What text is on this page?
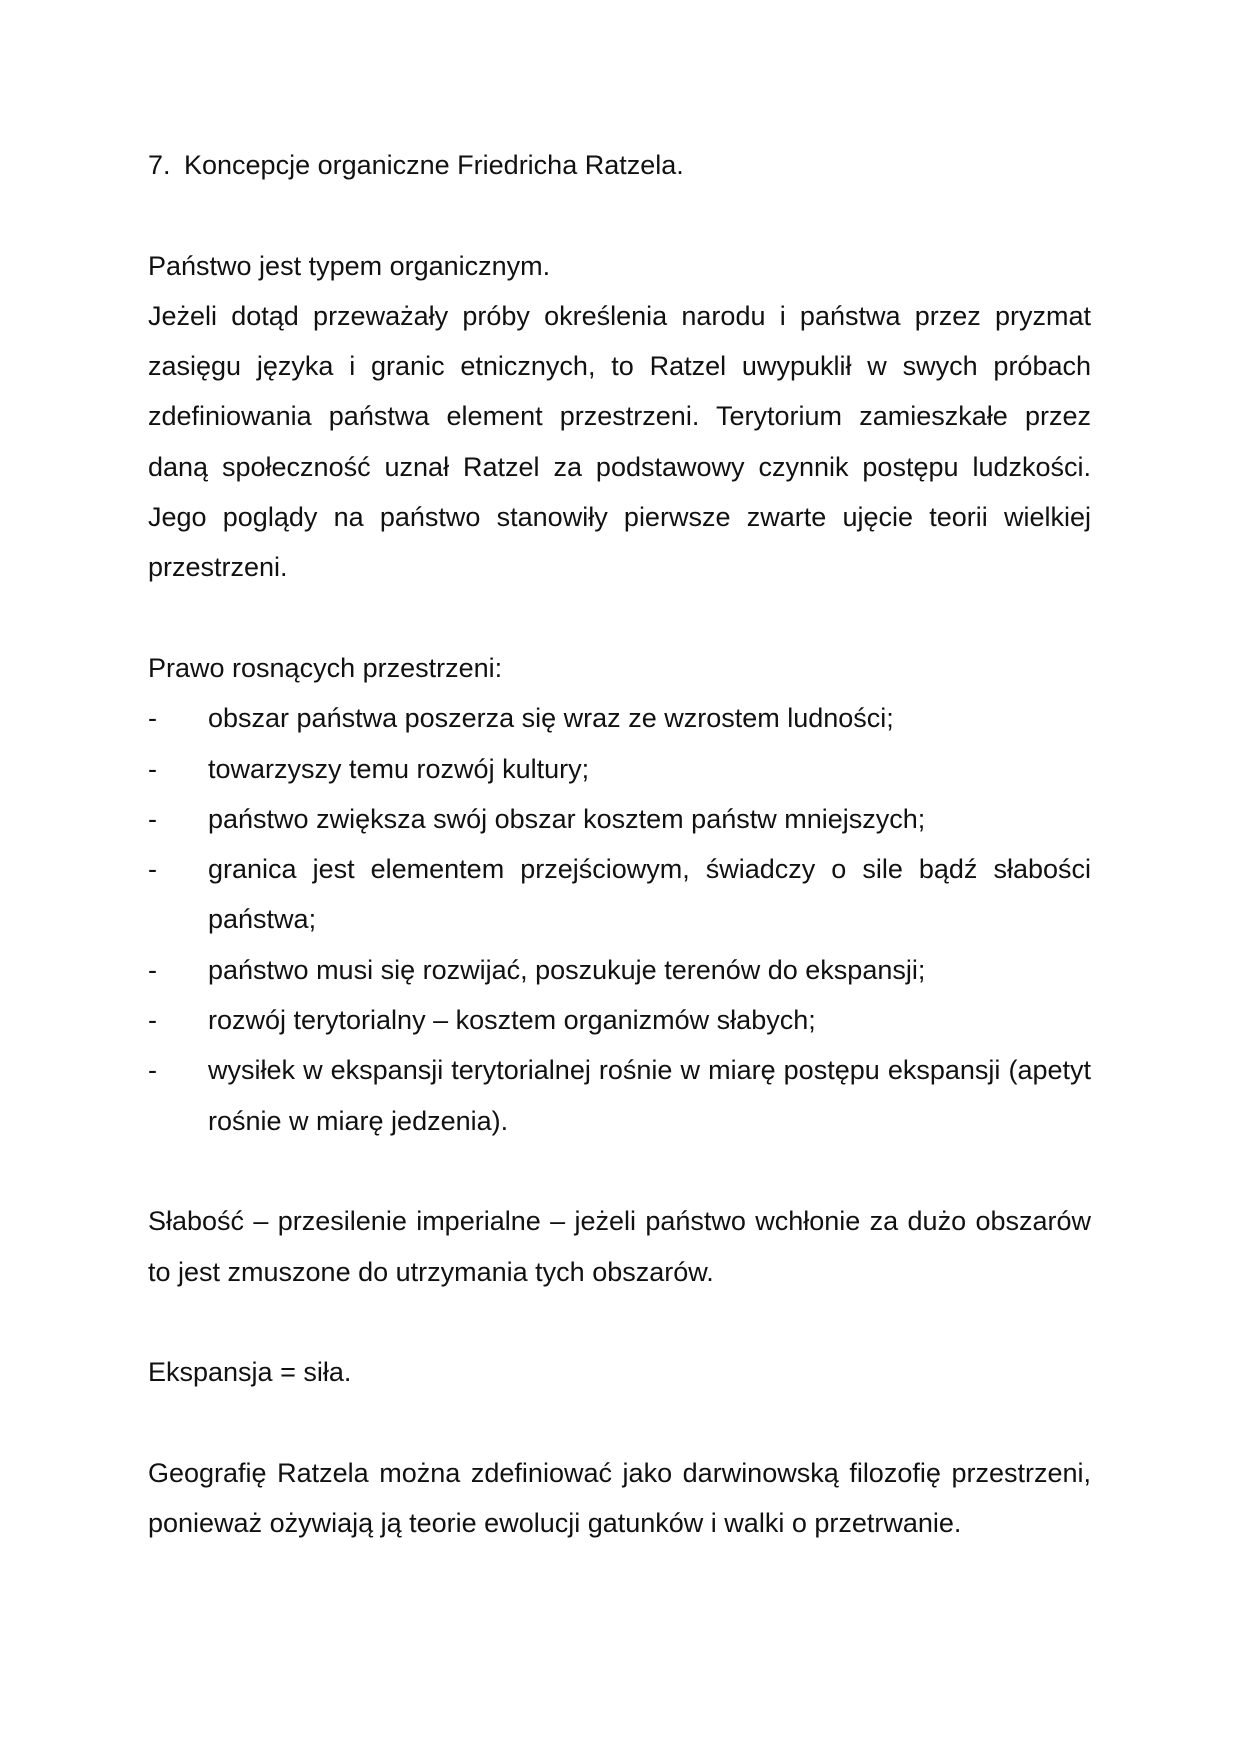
7. Koncepcje organiczne Friedricha Ratzela.
Państwo jest typem organicznym.

Jeżeli dotąd przeważały próby określenia narodu i państwa przez pryzmat zasięgu języka i granic etnicznych, to Ratzel uwypuklił w swych próbach zdefiniowania państwa element przestrzeni. Terytorium zamieszkałe przez daną społeczność uznał Ratzel za podstawowy czynnik postępu ludzkości. Jego poglądy na państwo stanowiły pierwsze zwarte ujęcie teorii wielkiej przestrzeni.

Prawo rosnących przestrzeni:
- obszar państwa poszerza się wraz ze wzrostem ludności;
- towarzyszy temu rozwój kultury;
- państwo zwiększa swój obszar kosztem państw mniejszych;
- granica jest elementem przejściowym, świadczy o sile bądź słabości państwa;
- państwo musi się rozwijać, poszukuje terenów do ekspansji;
- rozwój terytorialny – kosztem organizmów słabych;
- wysiłek w ekspansji terytorialnej rośnie w miarę postępu ekspansji (apetyt rośnie w miarę jedzenia).

Słabość – przesilenie imperialne – jeżeli państwo wchłonie za dużo obszarów to jest zmuszone do utrzymania tych obszarów.

Ekspansja = siła.

Geografię Ratzela można zdefiniować jako darwinowską filozofię przestrzeni, ponieważ ożywiają ją teorie ewolucji gatunków i walki o przetrwanie.
